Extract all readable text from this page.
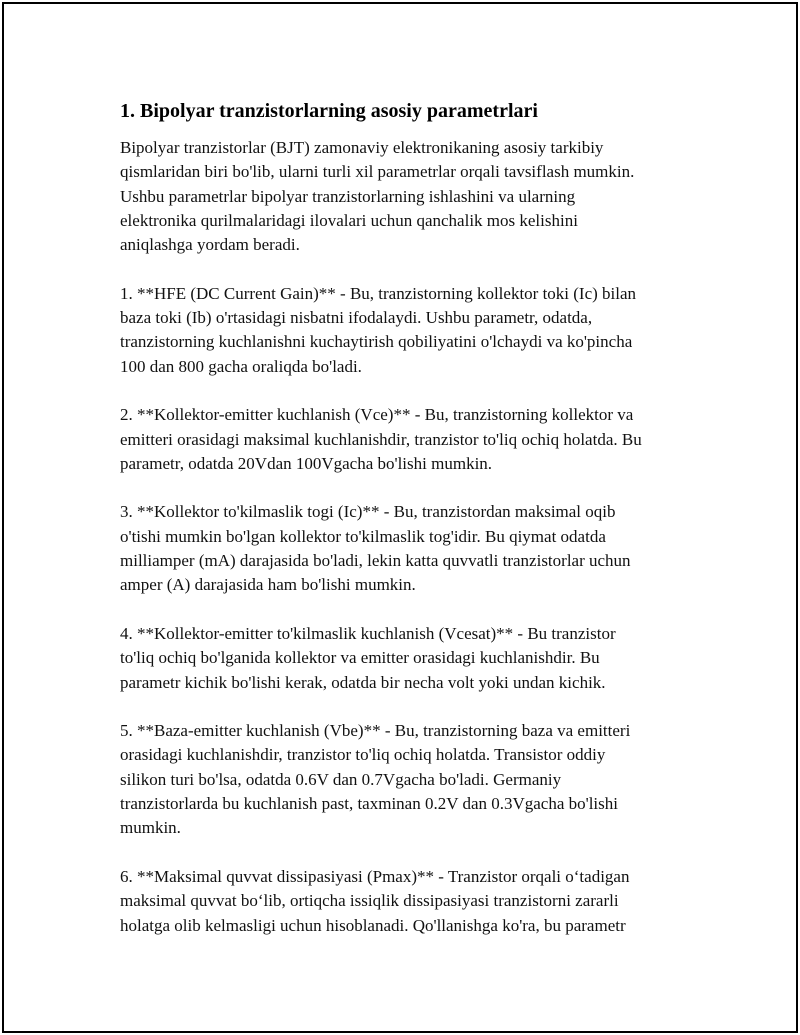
1. Bipolyar tranzistorlarning asosiy parametrlari

Bipolyar tranzistorlar (BJT) zamonaviy elektronikaning asosiy tarkibiy
qismlaridan biri bo'lib, ularni turli xil parametrlar orqali tavsiflash mumkin.
Ushbu parametrlar bipolyar tranzistorlarning ishlashini va ularning
elektronika qurilmalaridagi ilovalari uchun qanchalik mos kelishini
aniqlashga yordam beradi.

1. **HFE (DC Current Gain)** - Bu, tranzistorning kollektor toki (Ic) bilan
baza toki (Ib) o'rtasidagi nisbatni ifodalaydi. Ushbu parametr, odatda,
tranzistorning kuchlanishni kuchaytirish qobiliyatini o'lchaydi va ko'pincha
100 dan 800 gacha oraliqda bo'ladi.

2. **Kollektor-emitter kuchlanish (Vce)** - Bu, tranzistorning kollektor va
emitteri orasidagi maksimal kuchlanishdir, tranzistor to'liq ochiq holatda. Bu
parametr, odatda 20Vdan 100Vgacha bo'lishi mumkin.

3. **Kollektor to'kilmaslik togi (Ic)** - Bu, tranzistordan maksimal oqib
o'tishi mumkin bo'lgan kollektor to'kilmaslik tog'idir. Bu qiymat odatda
milliamper (mA) darajasida bo'ladi, lekin katta quvvatli tranzistorlar uchun
amper (A) darajasida ham bo'lishi mumkin.

4. **Kollektor-emitter to'kilmaslik kuchlanish (Vcesat)** - Bu tranzistor
to'liq ochiq bo'lganida kollektor va emitter orasidagi kuchlanishdir. Bu
parametr kichik bo'lishi kerak, odatda bir necha volt yoki undan kichik.

5. **Baza-emitter kuchlanish (Vbe)** - Bu, tranzistorning baza va emitteri
orasidagi kuchlanishdir, tranzistor to'liq ochiq holatda. Transistor oddiy
silikon turi bo'lsa, odatda 0.6V dan 0.7Vgacha bo'ladi. Germaniy
tranzistorlarda bu kuchlanish past, taxminan 0.2V dan 0.3Vgacha bo'lishi
mumkin.

6. **Maksimal quvvat dissipasiyasi (Pmax)** - Tranzistor orqali o‘tadigan
maksimal quvvat bo‘lib, ortiqcha issiqlik dissipasiyasi tranzistorni zararli
holatga olib kelmasligi uchun hisoblanadi. Qo'llanishga ko'ra, bu parametr
